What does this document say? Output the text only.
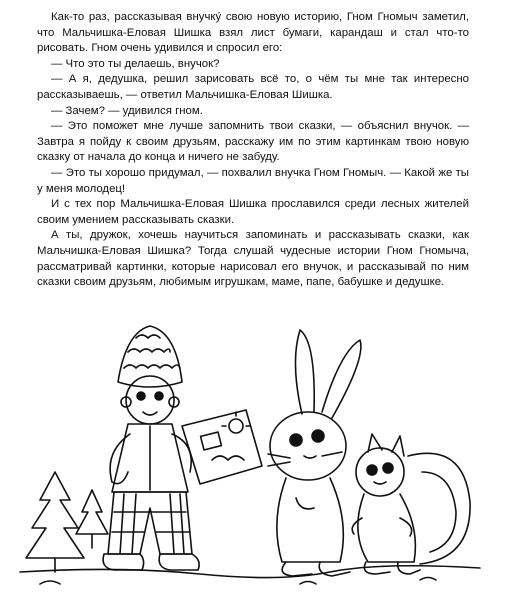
Как-то раз, рассказывая внучку́ свою новую историю, Гном Гномыч заметил, что Мальчишка-Еловая Шишка взял лист бумаги, карандаш и стал что-то рисовать. Гном очень удивился и спросил его:

— Что это ты делаешь, внучок?

— А я, дедушка, решил зарисовать всё то, о чём ты мне так интересно рассказываешь, — ответил Мальчишка-Еловая Шишка.

— Зачем? — удивился гном.

— Это поможет мне лучше запомнить твои сказки, — объяснил внучок. — Завтра я пойду к своим друзьям, расскажу им по этим картинкам твою новую сказку от начала до конца и ничего не забуду.

— Это ты хорошо придумал, — похвалил внучка Гном Гномыч. — Какой же ты у меня молодец!

И с тех пор Мальчишка-Еловая Шишка прославился среди лесных жителей своим умением рассказывать сказки.

А ты, дружок, хочешь научиться запоминать и рассказывать сказки, как Мальчишка-Еловая Шишка? Тогда слушай чудесные истории Гном Гномыча, рассматривай картинки, которые нарисовал его внучок, и рассказывай по ним сказки своим друзьям, любимым игрушкам, маме, папе, бабушке и дедушке.
